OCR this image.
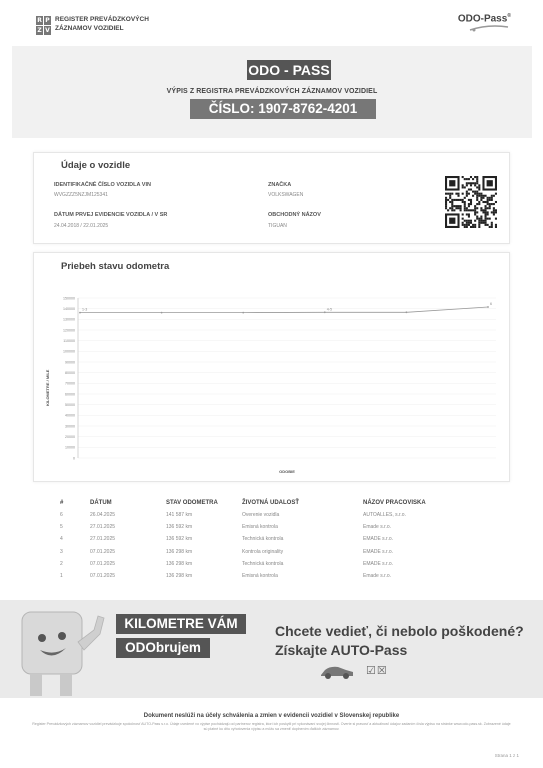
R P
Z V
REGISTER PREVÁDZKOVÝCH
ZÁZNAMOV VOZIDIEL
ODO-Pass®
ODO - PASS
VÝPIS Z REGISTRA PREVÁDZKOVÝCH ZÁZNAMOV VOZIDIEL
ČÍSLO: 1907-8762-4201
Údaje o vozidle
IDENTIFIKAČNÉ ČÍSLO VOZIDLA VIN
WVGZZZ5NZJM125341
DÁTUM PRVEJ EVIDENCIE VOZIDLA / V SR
24.04.2018 / 22.01.2025
ZNAČKA
VOLKSWAGEN
OBCHODNÝ NÁZOV
TIGUAN
Priebeh stavu odometra
150000
140000
130000
120000
110000
100000
90000
80000
70000
60000
50000
40000
30000
20000
10000
0
1-3	4-5
6
KILOMETRE / MILE
ODOBIE
#	DÁTUM	STAV ODOMETRA	ŽIVOTNÁ UDALOSŤ	NÁZOV PRACOVISKA
6	26.04.2025	141 587 km	Overenie vozidla	AUTOALLES, s.r.o.
5	27.01.2025	136 592 km	Emisná kontrola	Emade s.r.o.
4	27.01.2025	136 592 km	Technická kontrola	EMADE s.r.o.
3	07.01.2025	136 298 km	Kontrola originality	EMADE s.r.o.
2	07.01.2025	136 298 km	Technická kontrola	EMADE s.r.o.
1	07.01.2025	136 298 km	Emisná kontrola	Emade s.r.o.
KILOMETRE VÁM
ODObrujem
Chcete vedieť, či nebolo poškodené?
Získajte AUTO-Pass
☑☒
Dokument neslúži na účely schválenia a zmien v evidencii vozidiel v Slovenskej republike
Register Prevádzkových záznamov vozidiel prevádzkuje spoločnosť AUTO-Pass s.r.o. Údaje uvedené vo výpise pochádzajú od partnerov registra, ktorí ich poskytli pri vykonávaní svojej činnosti. Overte si pravosť a aktuálnosť údajov zadaním čísla výpisu na stránke www.odo-pass.sk. Zobrazené údaje sú platné ku dňu vyhotovenia výpisu a môžu sa zmeniť doplnením ďalších záznamov.
Strana 1 z 1
